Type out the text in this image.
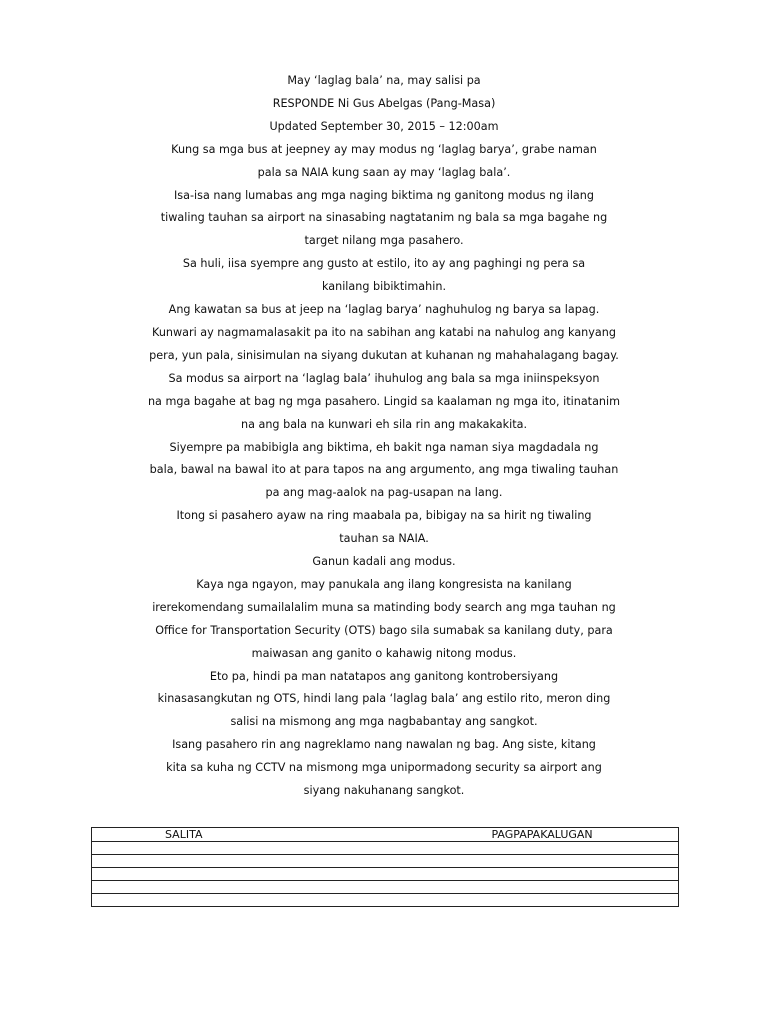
May ‘laglag bala’ na, may salisi pa
RESPONDE Ni Gus Abelgas (Pang-Masa)
Updated September 30, 2015 – 12:00am
Kung sa mga bus at jeepney ay may modus ng ‘laglag barya’, grabe naman
pala sa NAIA kung saan ay may ‘laglag bala’.
Isa-isa nang lumabas ang mga naging biktima ng ganitong modus ng ilang
tiwaling tauhan sa airport na sinasabing nagtatanim ng bala sa mga bagahe ng
target nilang mga pasahero.
Sa huli, iisa syempre ang gusto at estilo, ito ay ang paghingi ng pera sa
kanilang bibiktimahin.
Ang kawatan sa bus at jeep na ‘laglag barya’ naghuhulog ng barya sa lapag.
Kunwari ay nagmamalasakit pa ito na sabihan ang katabi na nahulog ang kanyang
pera, yun pala, sinisimulan na siyang dukutan at kuhanan ng mahahalagang bagay.
Sa modus sa airport na ‘laglag bala’ ihuhulog ang bala sa mga iniinspeksyon
na mga bagahe at bag ng mga pasahero. Lingid sa kaalaman ng mga ito, itinatanim
na ang bala na kunwari eh sila rin ang makakakita.
Siyempre pa mabibigla ang biktima, eh bakit nga naman siya magdadala ng
bala, bawal na bawal ito at para tapos na ang argumento, ang mga tiwaling tauhan
pa ang mag-aalok na pag-usapan na lang.
Itong si pasahero ayaw na ring maabala pa, bibigay na sa hirit ng tiwaling
tauhan sa NAIA.
Ganun kadali ang modus.
Kaya nga ngayon, may panukala ang ilang kongresista na kanilang
irerekomendang sumailalalim muna sa matinding body search ang mga tauhan ng
Office for Transportation Security (OTS) bago sila sumabak sa kanilang duty, para
maiwasan ang ganito o kahawig nitong modus.
Eto pa, hindi pa man natatapos ang ganitong kontrobersiyang
kinasasangkutan ng OTS, hindi lang pala ‘laglag bala’ ang estilo rito, meron ding
salisi na mismong ang mga nagbabantay ang sangkot.
Isang pasahero rin ang nagreklamo nang nawalan ng bag. Ang siste, kitang
kita sa kuha ng CCTV na mismong mga unipormadong security sa airport ang
siyang nakuhanang sangkot.
SALITA	PAGPAPAKALUGAN
